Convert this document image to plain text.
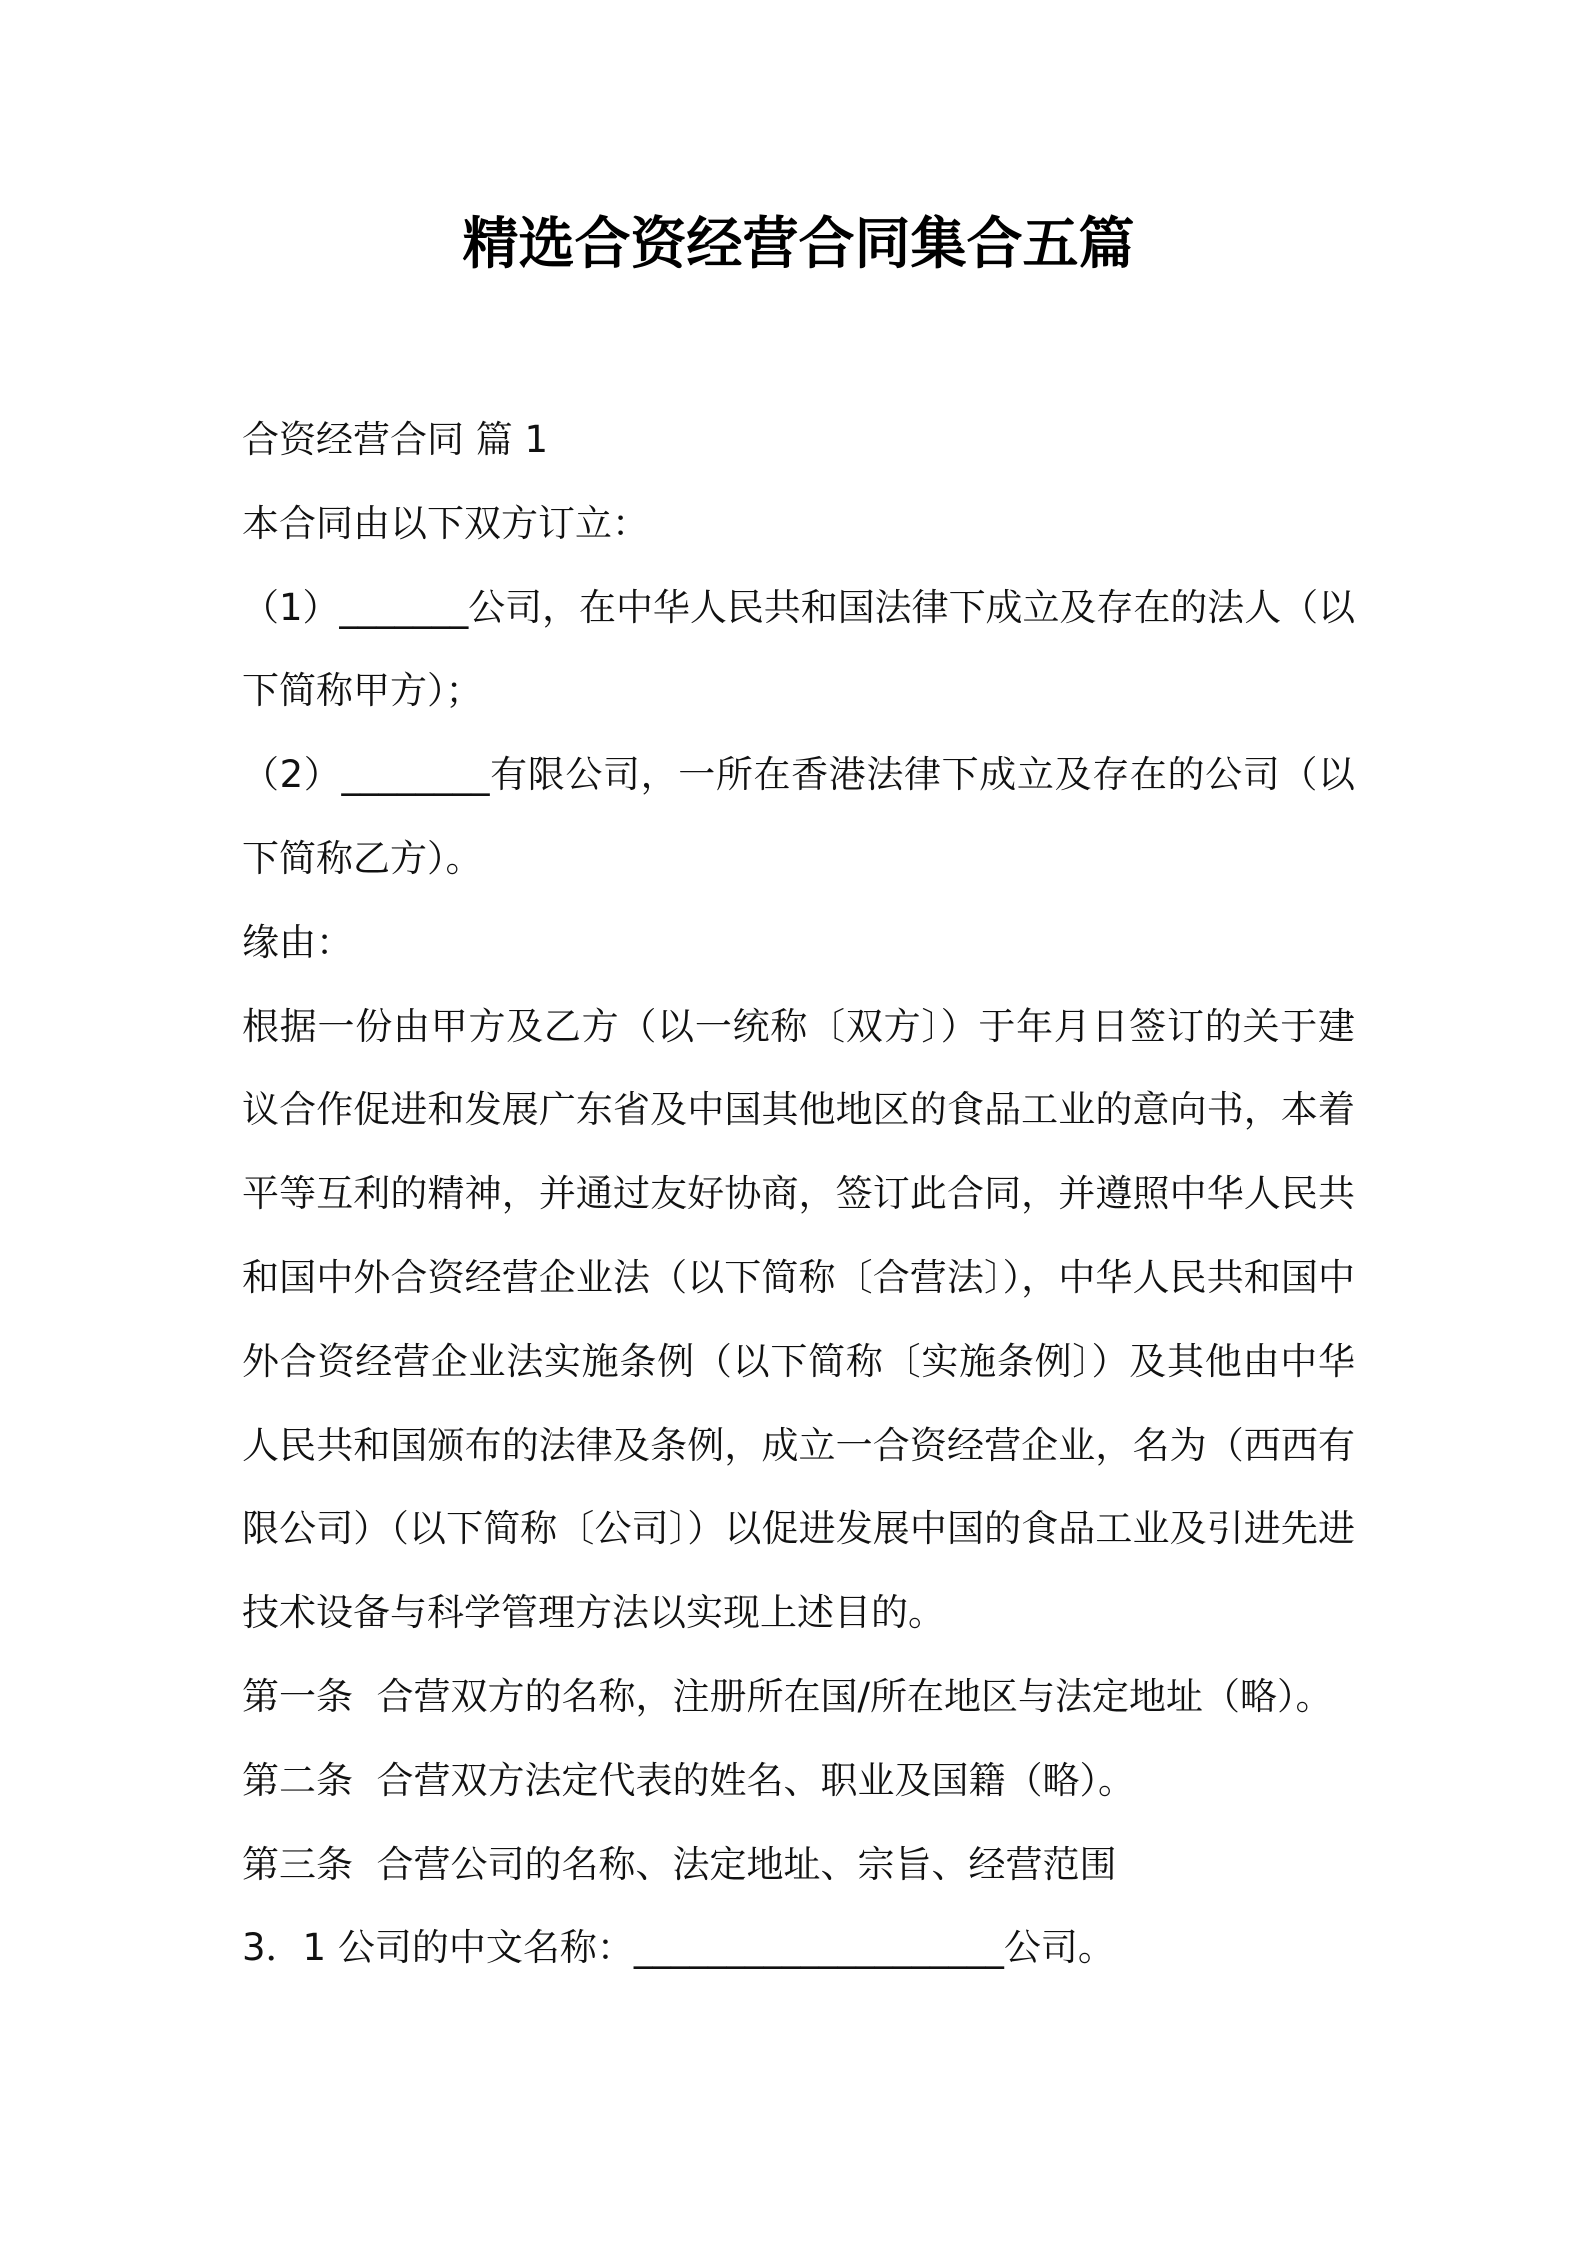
精选合资经营合同集合五篇
合资经营合同 篇 1
本合同由以下双方订立：
（1）_______公司，在中华人民共和国法律下成立及存在的法人（以
下简称甲方）；
（2）________有限公司，一所在香港法律下成立及存在的公司（以
下简称乙方）。
缘由：
根据一份由甲方及乙方（以一统称〔双方〕）于年月日签订的关于建
议合作促进和发展广东省及中国其他地区的食品工业的意向书，本着
平等互利的精神，并通过友好协商，签订此合同，并遵照中华人民共
和国中外合资经营企业法（以下简称〔合营法〕），中华人民共和国中
外合资经营企业法实施条例（以下简称〔实施条例〕）及其他由中华
人民共和国颁布的法律及条例，成立一合资经营企业，名为（西西有
限公司）（以下简称〔公司〕）以促进发展中国的食品工业及引进先进
技术设备与科学管理方法以实现上述目的。
第一条  合营双方的名称，注册所在国/所在地区与法定地址（略）。
第二条  合营双方法定代表的姓名、职业及国籍（略）。
第三条  合营公司的名称、法定地址、宗旨、经营范围
3．1 公司的中文名称：____________________公司。
